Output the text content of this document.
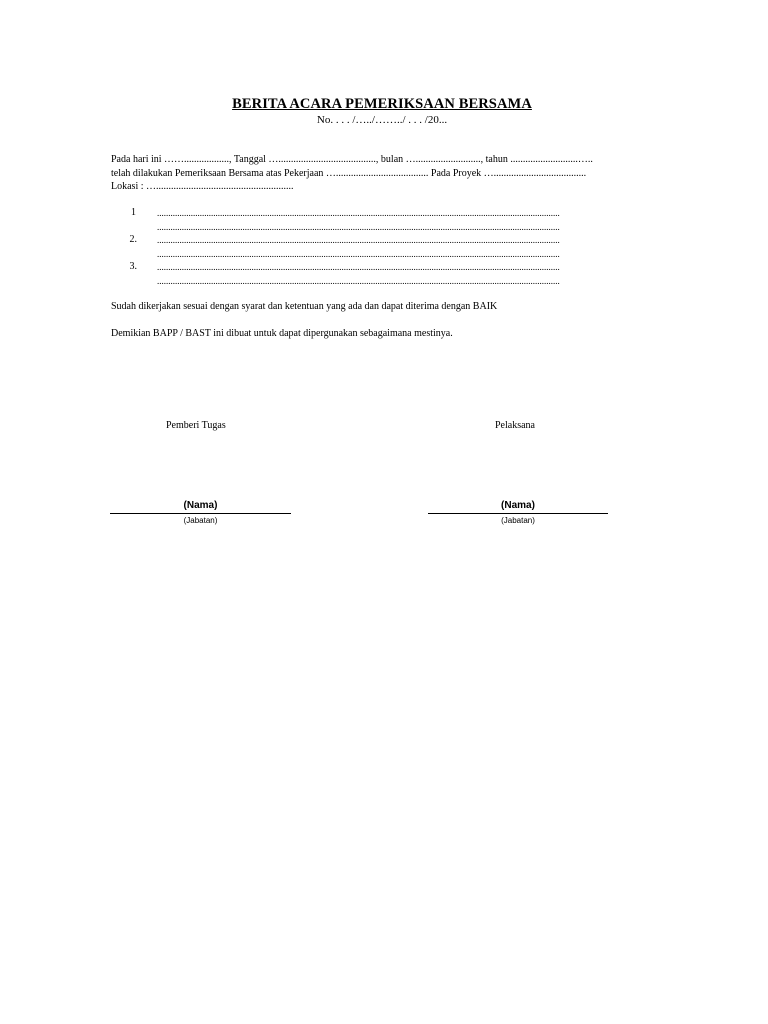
BERITA ACARA PEMERIKSAAN BERSAMA
No. . . . /…../……../ . . . /20...
Pada hari ini …….................., Tanggal …......................................., bulan ….........................., tahun ...........................…..
telah dilakukan Pemeriksaan Bersama atas Pekerjaan …..................................... Pada Proyek ….....................................
Lokasi : ….......................................................
1 ...................................................................................................................................................................................
...................................................................................................................................................................................
2. ...................................................................................................................................................................................
...................................................................................................................................................................................
3. ...................................................................................................................................................................................
...................................................................................................................................................................................
Sudah dikerjakan sesuai dengan syarat dan ketentuan yang ada dan dapat diterima dengan BAIK
Demikian BAPP / BAST ini dibuat untuk dapat dipergunakan sebagaimana mestinya.
Pemberi Tugas	Pelaksana
(Nama)
(Jabatan)
(Nama)
(Jabatan)
